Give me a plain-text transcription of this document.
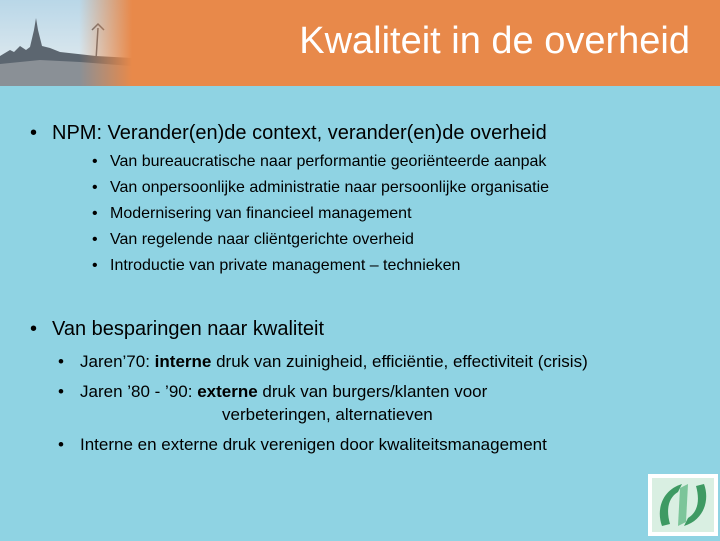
Kwaliteit in de overheid
• NPM: Verander(en)de context, verander(en)de overheid
• Van bureaucratische naar performantie georiënteerde aanpak
• Van onpersoonlijke administratie naar persoonlijke organisatie
• Modernisering van financieel management
• Van regelende naar cliëntgerichte overheid
• Introductie van private management – technieken
• Van besparingen naar kwaliteit
• Jaren’70: interne druk van zuinigheid, efficiëntie, effectiviteit (crisis)
• Jaren ’80 - ’90: externe druk van burgers/klanten voor
verbeteringen, alternatieven
• Interne en externe druk verenigen door kwaliteitsmanagement
